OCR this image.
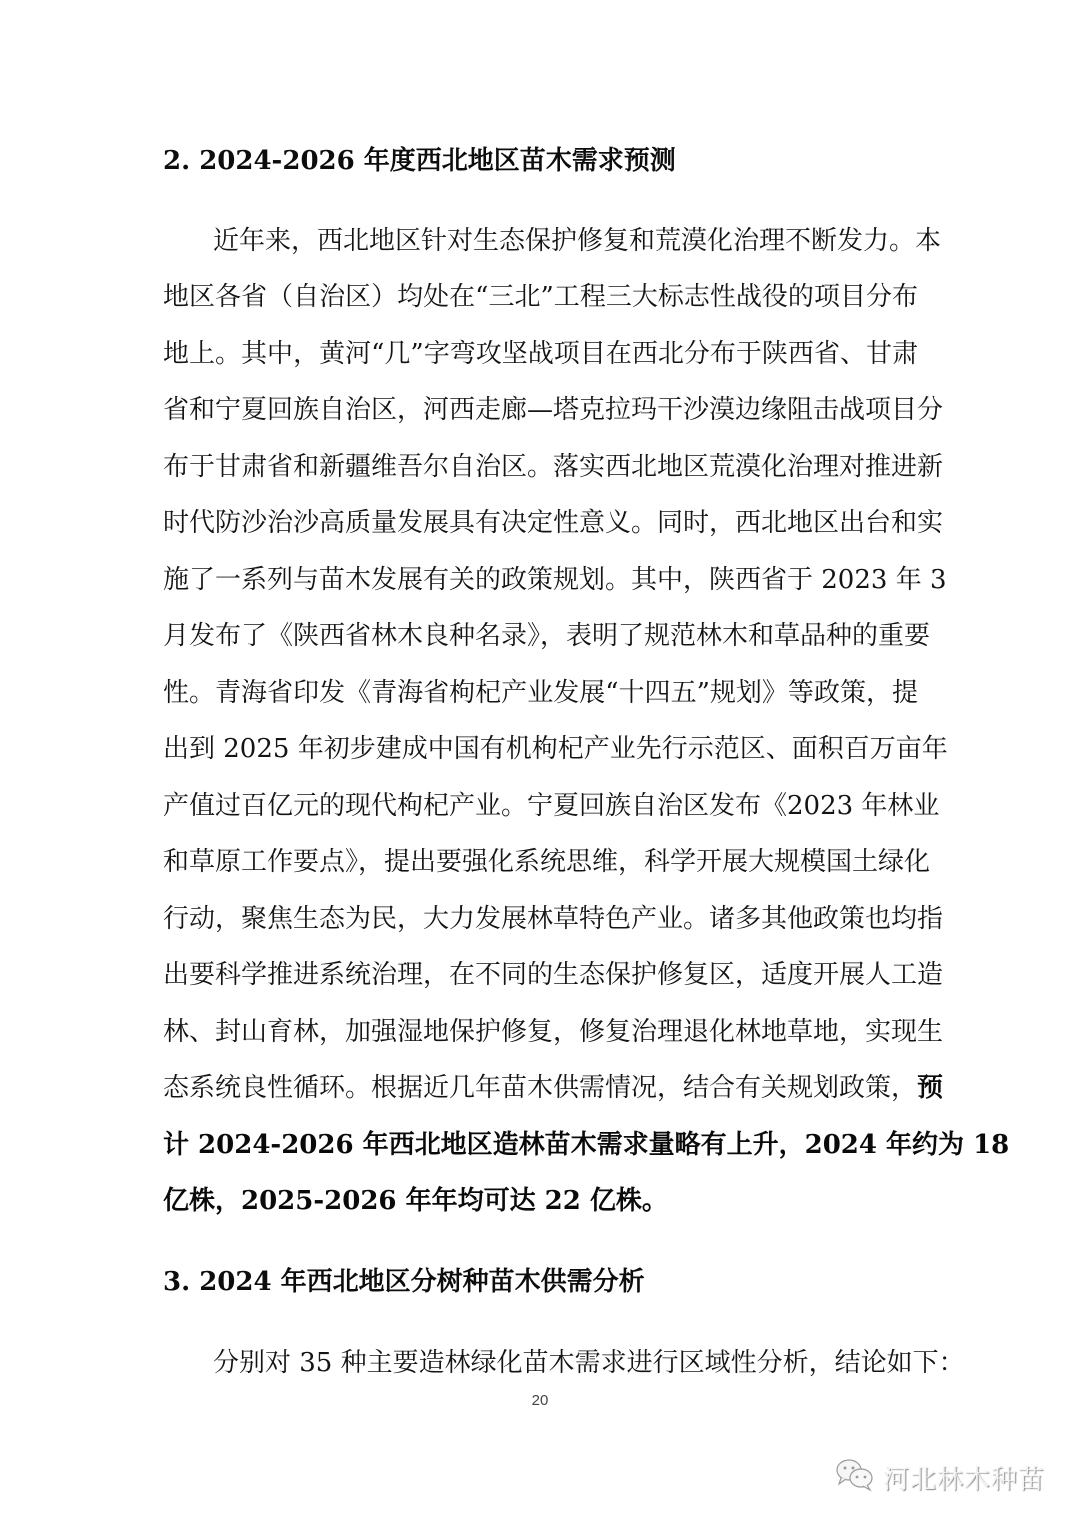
2. 2024-2026 年度西北地区苗木需求预测
近年来，西北地区针对生态保护修复和荒漠化治理不断发力。本
地区各省（自治区）均处在“三北”工程三大标志性战役的项目分布
地上。其中，黄河“几”字弯攻坚战项目在西北分布于陕西省、甘肃
省和宁夏回族自治区，河西走廊—塔克拉玛干沙漠边缘阻击战项目分
布于甘肃省和新疆维吾尔自治区。落实西北地区荒漠化治理对推进新
时代防沙治沙高质量发展具有决定性意义。同时，西北地区出台和实
施了一系列与苗木发展有关的政策规划。其中，陕西省于 2023 年 3
月发布了《陕西省林木良种名录》，表明了规范林木和草品种的重要
性。青海省印发《青海省枸杞产业发展“十四五”规划》等政策，提
出到 2025 年初步建成中国有机枸杞产业先行示范区、面积百万亩年
产值过百亿元的现代枸杞产业。宁夏回族自治区发布《2023 年林业
和草原工作要点》，提出要强化系统思维，科学开展大规模国土绿化
行动，聚焦生态为民，大力发展林草特色产业。诸多其他政策也均指
出要科学推进系统治理，在不同的生态保护修复区，适度开展人工造
林、封山育林，加强湿地保护修复，修复治理退化林地草地，实现生
态系统良性循环。根据近几年苗木供需情况，结合有关规划政策，预
计 2024-2026 年西北地区造林苗木需求量略有上升，2024 年约为 18
亿株，2025-2026 年年均可达 22 亿株。
3. 2024 年西北地区分树种苗木供需分析
分别对 35 种主要造林绿化苗木需求进行区域性分析，结论如下：
20
河北林木种苗
